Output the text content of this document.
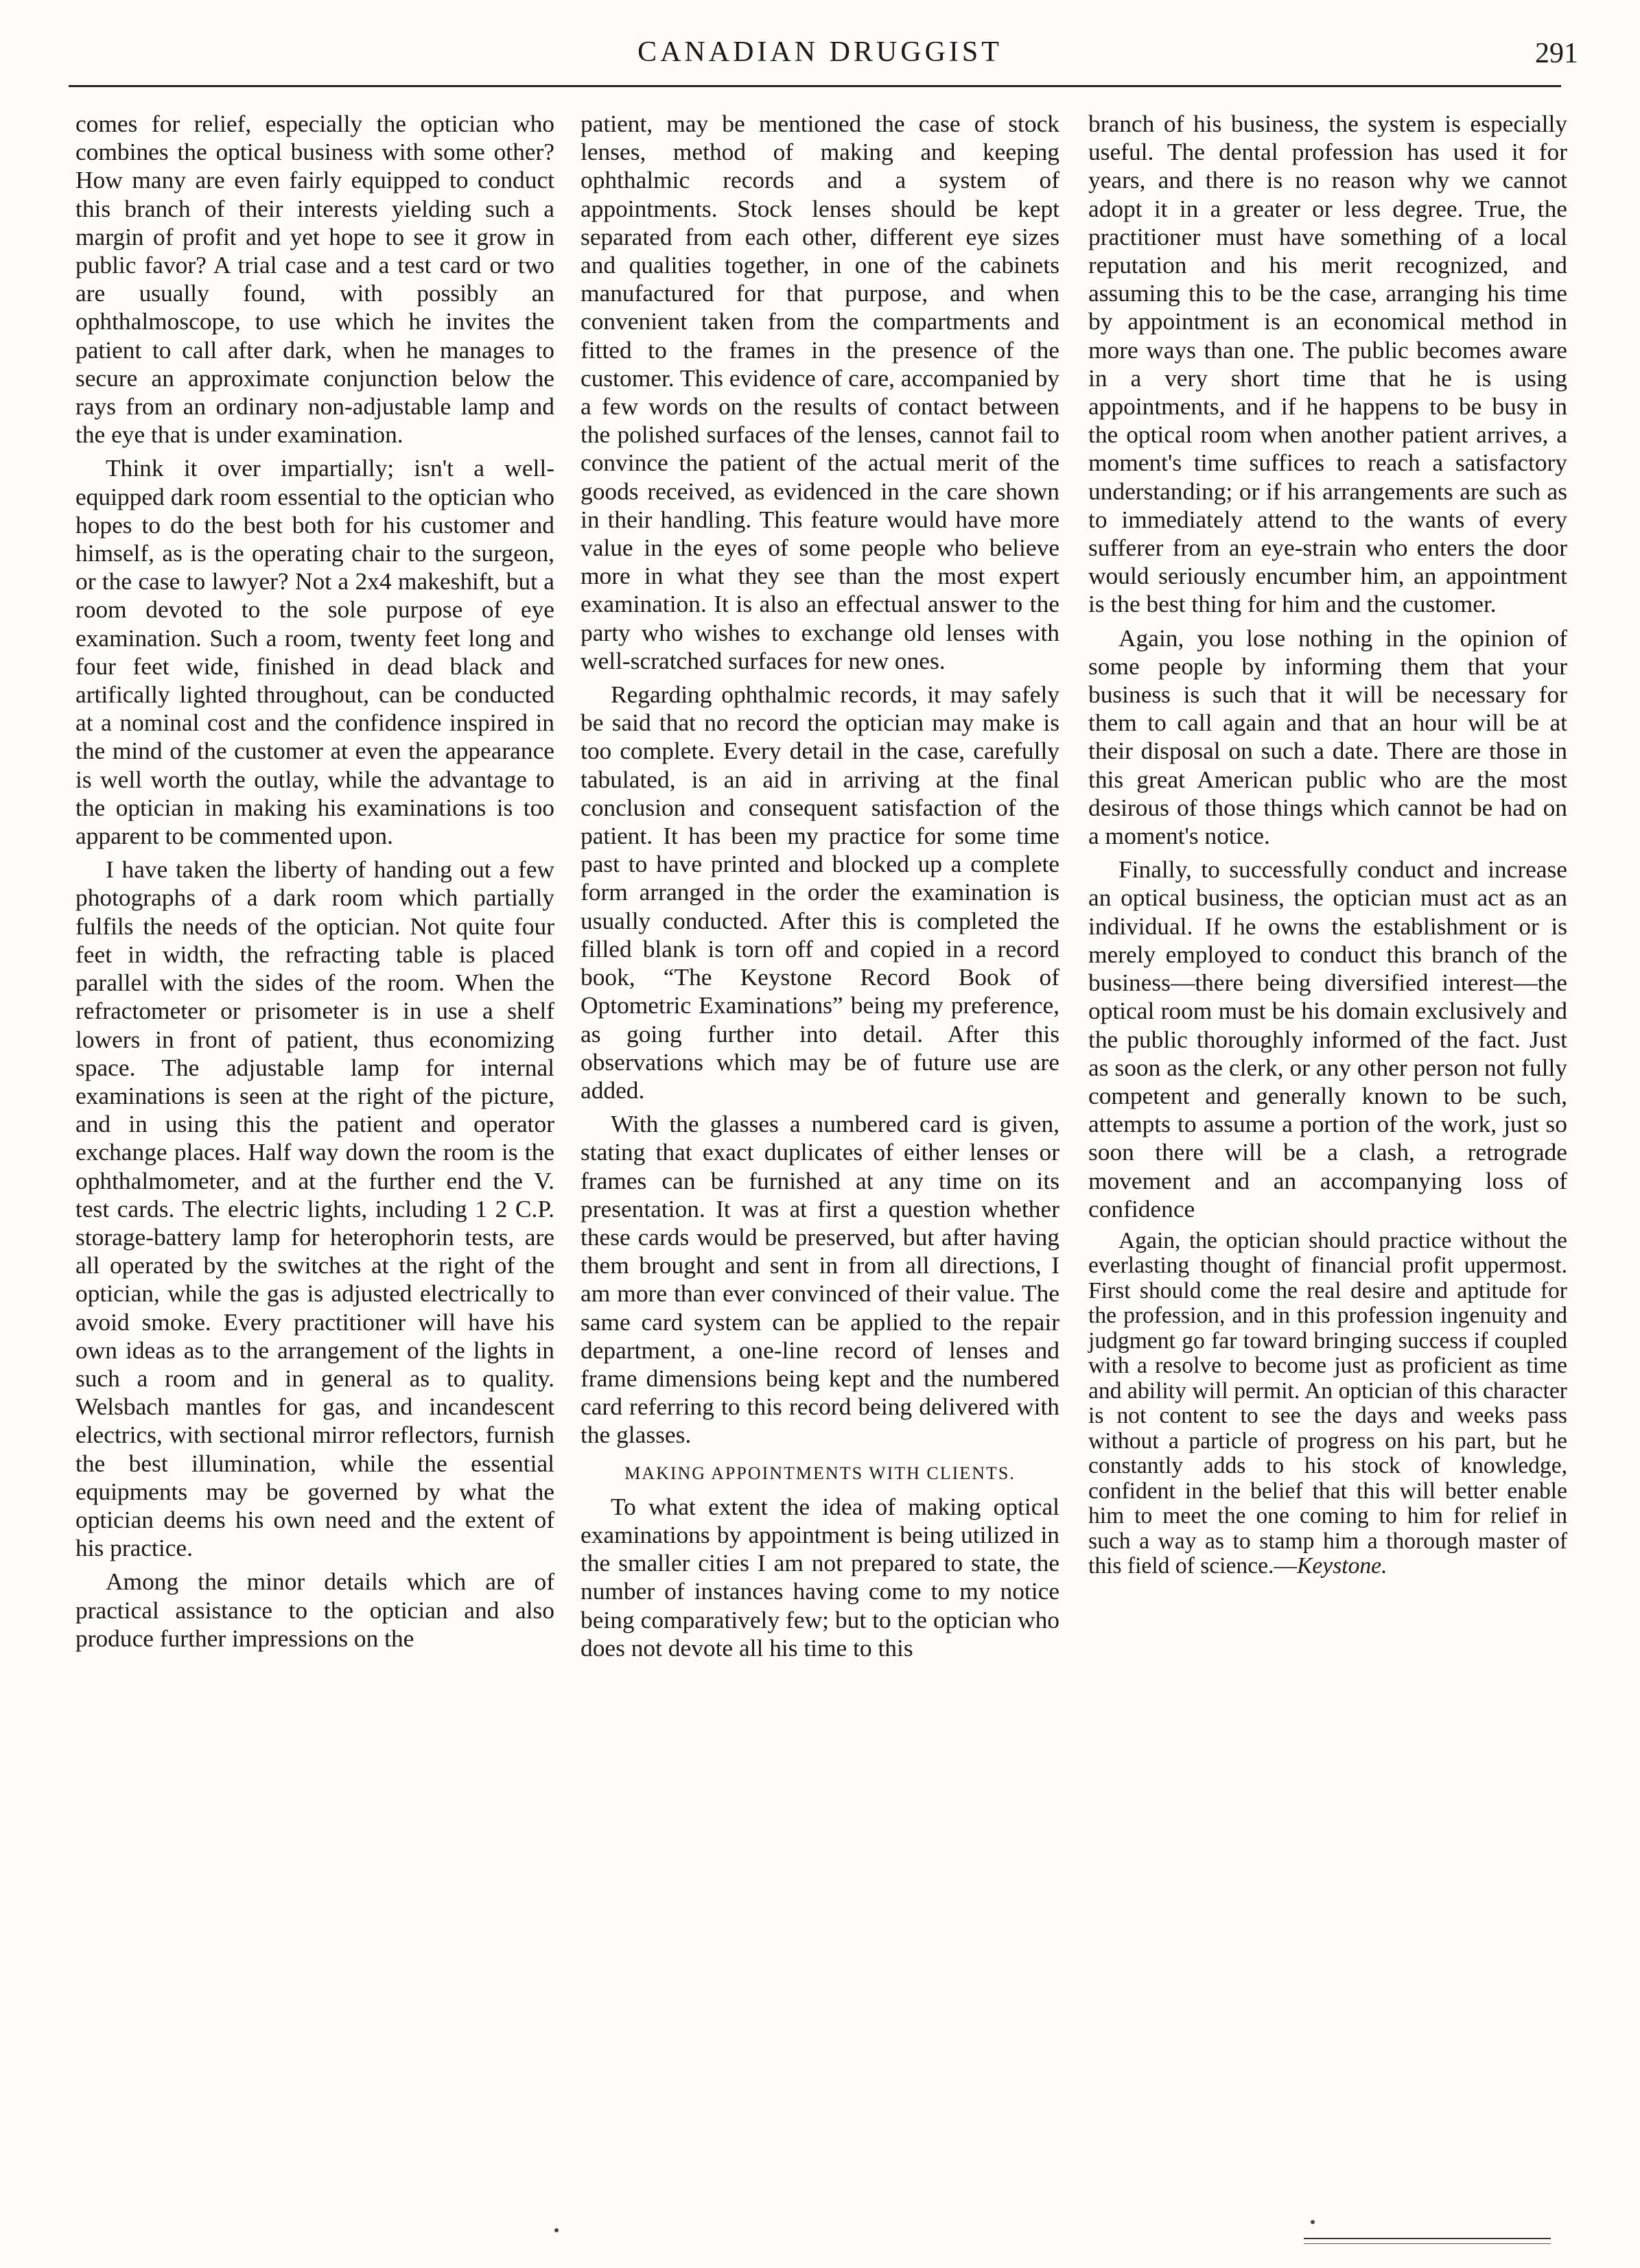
CANADIAN DRUGGIST	291

comes for relief, especially the optician who combines the optical business with some other? How many are even fairly equipped to conduct this branch of their interests yielding such a margin of profit and yet hope to see it grow in public favor? A trial case and a test card or two are usually found, with possibly an ophthalmoscope, to use which he invites the patient to call after dark, when he manages to secure an approximate conjunction below the rays from an ordinary non-adjustable lamp and the eye that is under examination.

Think it over impartially; isn't a well-equipped dark room essential to the optician who hopes to do the best both for his customer and himself, as is the operating chair to the surgeon, or the case to lawyer? Not a 2x4 makeshift, but a room devoted to the sole purpose of eye examination. Such a room, twenty feet long and four feet wide, finished in dead black and artifically lighted throughout, can be conducted at a nominal cost and the confidence inspired in the mind of the customer at even the appearance is well worth the outlay, while the advantage to the optician in making his examinations is too apparent to be commented upon.

I have taken the liberty of handing out a few photographs of a dark room which partially fulfils the needs of the optician. Not quite four feet in width, the refracting table is placed parallel with the sides of the room. When the refractometer or prisometer is in use a shelf lowers in front of patient, thus economizing space. The adjustable lamp for internal examinations is seen at the right of the picture, and in using this the patient and operator exchange places. Half way down the room is the ophthalmometer, and at the further end the V. test cards. The electric lights, including 1 2 C.P. storage-battery lamp for heterophorin tests, are all operated by the switches at the right of the optician, while the gas is adjusted electrically to avoid smoke. Every practitioner will have his own ideas as to the arrangement of the lights in such a room and in general as to quality. Welsbach mantles for gas, and incandescent electrics, with sectional mirror reflectors, furnish the best illumination, while the essential equipments may be governed by what the optician deems his own need and the extent of his practice.

Among the minor details which are of practical assistance to the optician and also produce further impressions on the

patient, may be mentioned the case of stock lenses, method of making and keeping ophthalmic records and a system of appointments. Stock lenses should be kept separated from each other, different eye sizes and qualities together, in one of the cabinets manufactured for that purpose, and when convenient taken from the compartments and fitted to the frames in the presence of the customer. This evidence of care, accompanied by a few words on the results of contact between the polished surfaces of the lenses, cannot fail to convince the patient of the actual merit of the goods received, as evidenced in the care shown in their handling. This feature would have more value in the eyes of some people who believe more in what they see than the most expert examination. It is also an effectual answer to the party who wishes to exchange old lenses with well-scratched surfaces for new ones.

Regarding ophthalmic records, it may safely be said that no record the optician may make is too complete. Every detail in the case, carefully tabulated, is an aid in arriving at the final conclusion and consequent satisfaction of the patient. It has been my practice for some time past to have printed and blocked up a complete form arranged in the order the examination is usually conducted. After this is completed the filled blank is torn off and copied in a record book, “The Keystone Record Book of Optometric Examinations” being my preference, as going further into detail. After this observations which may be of future use are added.

With the glasses a numbered card is given, stating that exact duplicates of either lenses or frames can be furnished at any time on its presentation. It was at first a question whether these cards would be preserved, but after having them brought and sent in from all directions, I am more than ever convinced of their value. The same card system can be applied to the repair department, a one-line record of lenses and frame dimensions being kept and the numbered card referring to this record being delivered with the glasses.

MAKING APPOINTMENTS WITH CLIENTS.

To what extent the idea of making optical examinations by appointment is being utilized in the smaller cities I am not prepared to state, the number of instances having come to my notice being comparatively few; but to the optician who does not devote all his time to this

branch of his business, the system is especially useful. The dental profession has used it for years, and there is no reason why we cannot adopt it in a greater or less degree. True, the practitioner must have something of a local reputation and his merit recognized, and assuming this to be the case, arranging his time by appointment is an economical method in more ways than one. The public becomes aware in a very short time that he is using appointments, and if he happens to be busy in the optical room when another patient arrives, a moment's time suffices to reach a satisfactory understanding; or if his arrangements are such as to immediately attend to the wants of every sufferer from an eye-strain who enters the door would seriously encumber him, an appointment is the best thing for him and the customer.

Again, you lose nothing in the opinion of some people by informing them that your business is such that it will be necessary for them to call again and that an hour will be at their disposal on such a date. There are those in this great American public who are the most desirous of those things which cannot be had on a moment's notice.

Finally, to successfully conduct and increase an optical business, the optician must act as an individual. If he owns the establishment or is merely employed to conduct this branch of the business—there being diversified interest—the optical room must be his domain exclusively and the public thoroughly informed of the fact. Just as soon as the clerk, or any other person not fully competent and generally known to be such, attempts to assume a portion of the work, just so soon there will be a clash, a retrograde movement and an accompanying loss of confidence

Again, the optician should practice without the everlasting thought of financial profit uppermost. First should come the real desire and aptitude for the profession, and in this profession ingenuity and judgment go far toward bringing success if coupled with a resolve to become just as proficient as time and ability will permit. An optician of this character is not content to see the days and weeks pass without a particle of progress on his part, but he constantly adds to his stock of knowledge, confident in the belief that this will better enable him to meet the one coming to him for relief in such a way as to stamp him a thorough master of this field of science.—Keystone.
